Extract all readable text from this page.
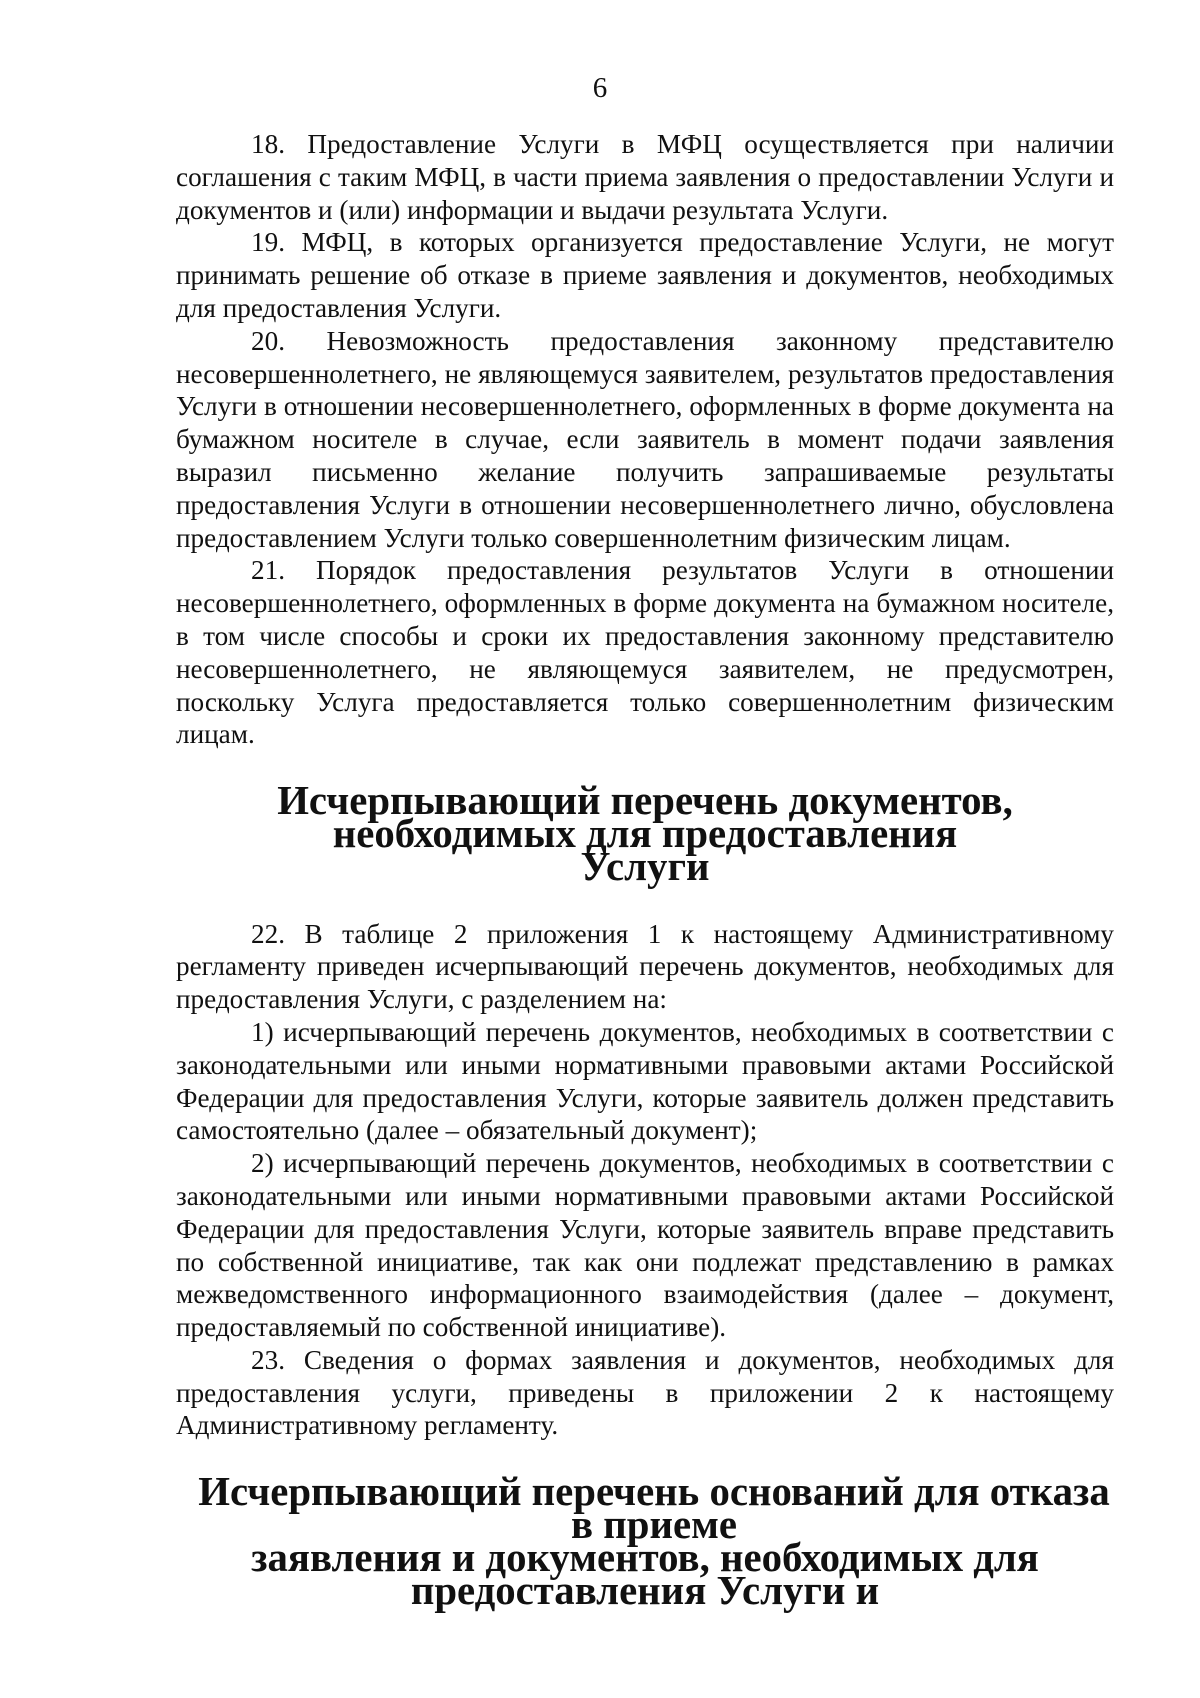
6

18. Предоставление Услуги в МФЦ осуществляется при наличии соглашения с таким МФЦ, в части приема заявления о предоставлении Услуги и документов и (или) информации и выдачи результата Услуги.

19. МФЦ, в которых организуется предоставление Услуги, не могут принимать решение об отказе в приеме заявления и документов, необходимых для предоставления Услуги.

20. Невозможность предоставления законному представителю несовершеннолетнего, не являющемуся заявителем, результатов предоставления Услуги в отношении несовершеннолетнего, оформленных в форме документа на бумажном носителе в случае, если заявитель в момент подачи заявления выразил письменно желание получить запрашиваемые результаты предоставления Услуги в отношении несовершеннолетнего лично, обусловлена предоставлением Услуги только совершеннолетним физическим лицам.

21. Порядок предоставления результатов Услуги в отношении несовершеннолетнего, оформленных в форме документа на бумажном носителе, в том числе способы и сроки их предоставления законному представителю несовершеннолетнего, не являющемуся заявителем, не предусмотрен, поскольку Услуга предоставляется только совершеннолетним физическим лицам.

Исчерпывающий перечень документов, необходимых для предоставления
Услуги

22. В таблице 2 приложения 1 к настоящему Административному регламенту приведен исчерпывающий перечень документов, необходимых для предоставления Услуги, с разделением на:

1) исчерпывающий перечень документов, необходимых в соответствии с законодательными или иными нормативными правовыми актами Российской Федерации для предоставления Услуги, которые заявитель должен представить самостоятельно (далее – обязательный документ);

2) исчерпывающий перечень документов, необходимых в соответствии с законодательными или иными нормативными правовыми актами Российской Федерации для предоставления Услуги, которые заявитель вправе представить по собственной инициативе, так как они подлежат представлению в рамках межведомственного информационного взаимодействия (далее – документ, предоставляемый по собственной инициативе).

23. Сведения о формах заявления и документов, необходимых для предоставления услуги, приведены в приложении 2 к настоящему Административному регламенту.

Исчерпывающий перечень оснований для отказа в приеме
заявления и документов, необходимых для предоставления Услуги и
